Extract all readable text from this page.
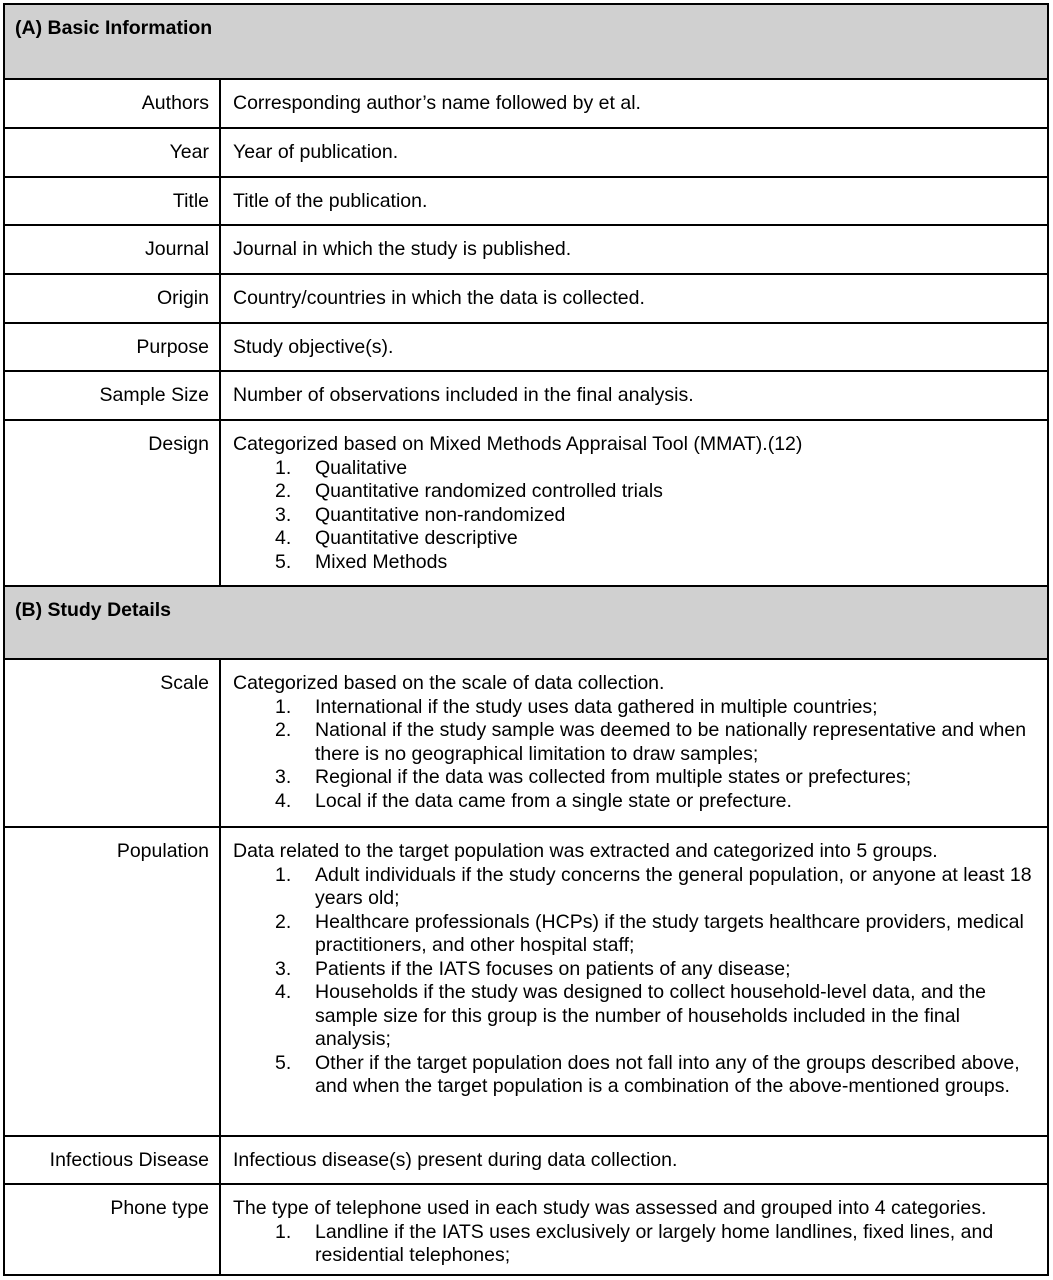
(A) Basic Information
Authors	Corresponding author’s name followed by et al.
Year	Year of publication.
Title	Title of the publication.
Journal	Journal in which the study is published.
Origin	Country/countries in which the data is collected.
Purpose	Study objective(s).
Sample Size	Number of observations included in the final analysis.
Design	Categorized based on Mixed Methods Appraisal Tool (MMAT).(12)
1. Qualitative
2. Quantitative randomized controlled trials
3. Quantitative non-randomized
4. Quantitative descriptive
5. Mixed Methods
(B) Study Details
Scale	Categorized based on the scale of data collection.
1. International if the study uses data gathered in multiple countries;
2. National if the study sample was deemed to be nationally representative and when there is no geographical limitation to draw samples;
3. Regional if the data was collected from multiple states or prefectures;
4. Local if the data came from a single state or prefecture.
Population	Data related to the target population was extracted and categorized into 5 groups.
1. Adult individuals if the study concerns the general population, or anyone at least 18 years old;
2. Healthcare professionals (HCPs) if the study targets healthcare providers, medical practitioners, and other hospital staff;
3. Patients if the IATS focuses on patients of any disease;
4. Households if the study was designed to collect household-level data, and the sample size for this group is the number of households included in the final analysis;
5. Other if the target population does not fall into any of the groups described above, and when the target population is a combination of the above-mentioned groups.
Infectious Disease	Infectious disease(s) present during data collection.
Phone type	The type of telephone used in each study was assessed and grouped into 4 categories.
1. Landline if the IATS uses exclusively or largely home landlines, fixed lines, and residential telephones;
